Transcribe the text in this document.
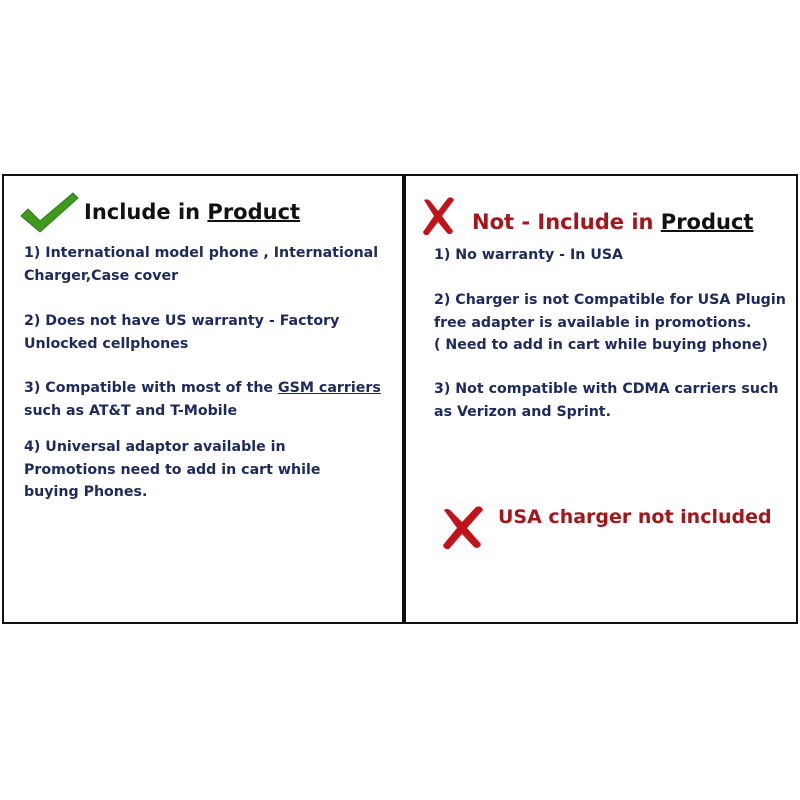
Include in Product
1) International model phone , International
Charger,Case cover
2) Does not have US warranty - Factory
Unlocked cellphones
3) Compatible with most of the GSM carriers
such as AT&T and T-Mobile
4) Universal adaptor available in
Promotions need to add in cart while
buying Phones.
Not - Include in Product
1) No warranty - In USA
2) Charger is not Compatible for USA Plugin
free adapter is available in promotions.
( Need to add in cart while buying phone)
3) Not compatible with CDMA carriers such
as Verizon and Sprint.
USA charger not included
